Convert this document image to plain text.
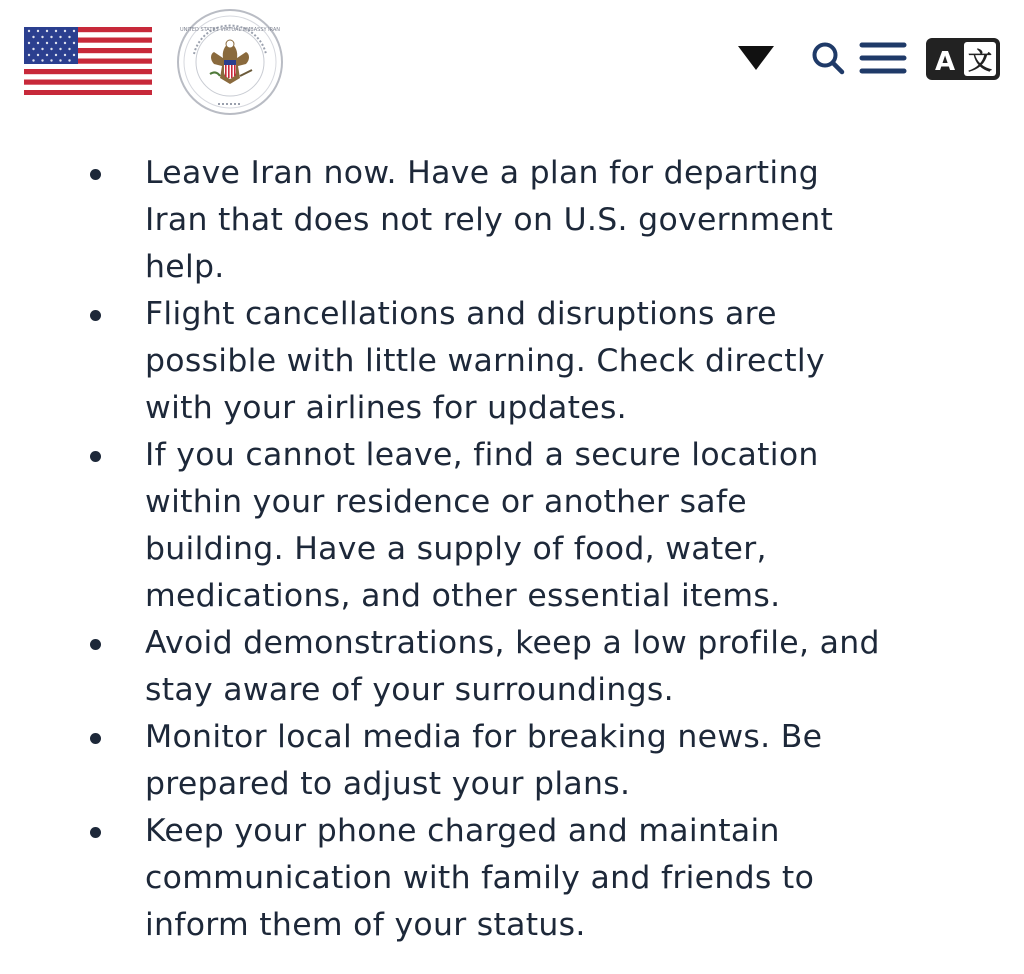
UNITED STATES VIRTUAL EMBASSY IRAN
A 文
Leave Iran now. Have a plan for departing Iran that does not rely on U.S. government help.
Flight cancellations and disruptions are possible with little warning. Check directly with your airlines for updates.
If you cannot leave, find a secure location within your residence or another safe building. Have a supply of food, water, medications, and other essential items.
Avoid demonstrations, keep a low profile, and stay aware of your surroundings.
Monitor local media for breaking news. Be prepared to adjust your plans.
Keep your phone charged and maintain communication with family and friends to inform them of your status.
